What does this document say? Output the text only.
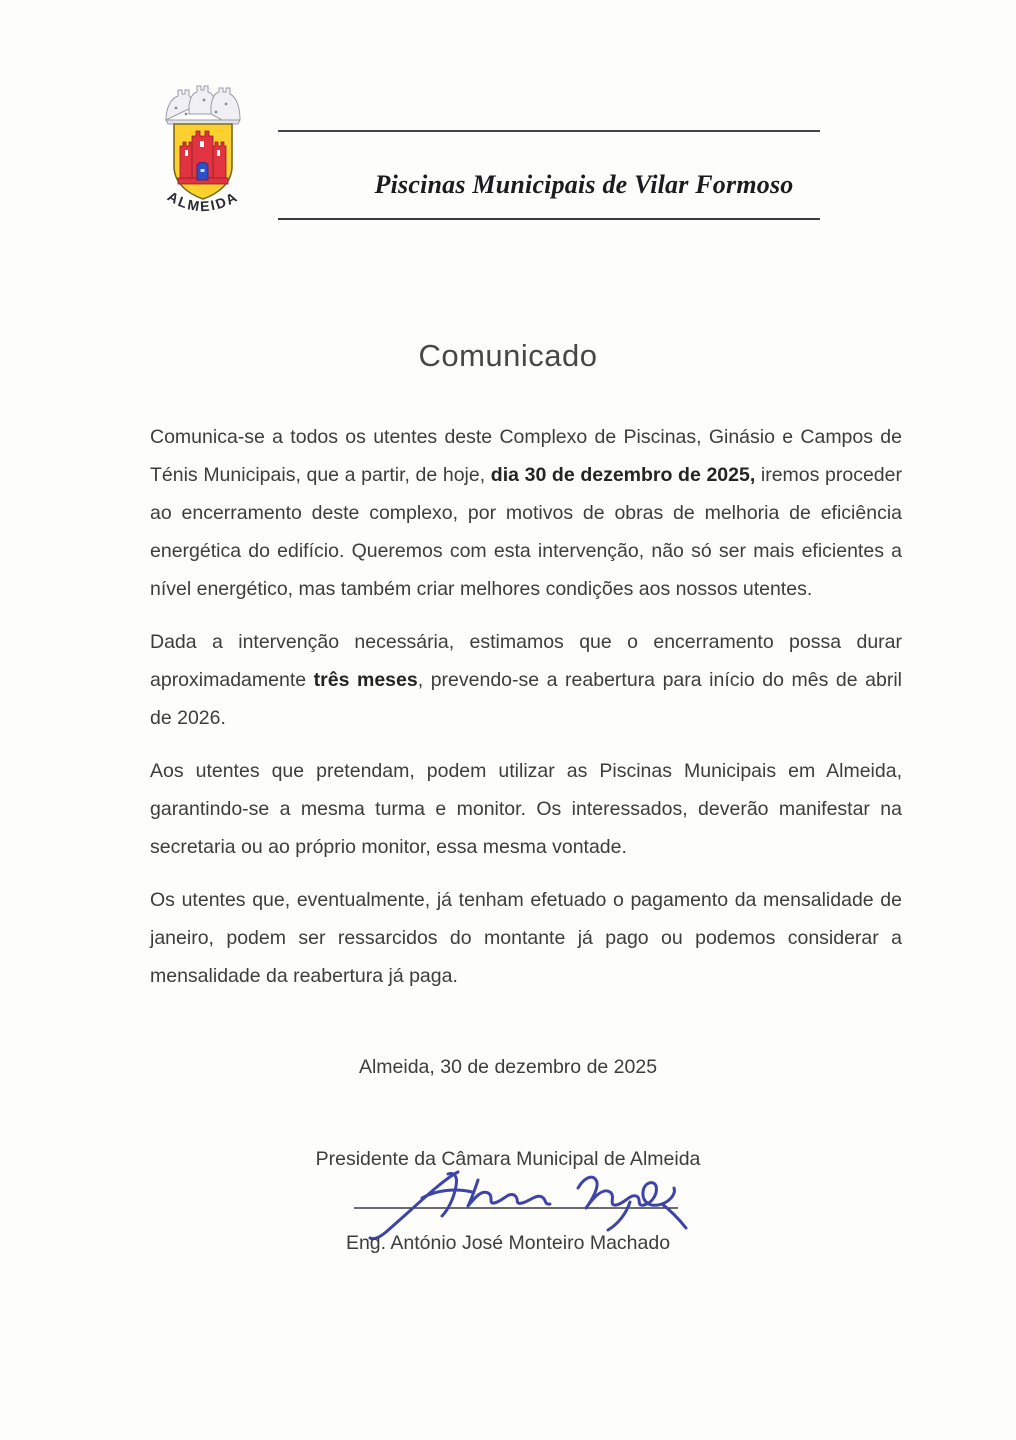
ALMEIDA	Piscinas Municipais de Vilar Formoso
Comunicado

Comunica-se a todos os utentes deste Complexo de Piscinas, Ginásio e Campos de Ténis Municipais, que a partir, de hoje, dia 30 de dezembro de 2025, iremos proceder ao encerramento deste complexo, por motivos de obras de melhoria de eficiência energética do edifício. Queremos com esta intervenção, não só ser mais eficientes a nível energético, mas também criar melhores condições aos nossos utentes.

Dada a intervenção necessária, estimamos que o encerramento possa durar aproximadamente três meses, prevendo-se a reabertura para início do mês de abril de 2026.

Aos utentes que pretendam, podem utilizar as Piscinas Municipais em Almeida, garantindo-se a mesma turma e monitor. Os interessados, deverão manifestar na secretaria ou ao próprio monitor, essa mesma vontade.

Os utentes que, eventualmente, já tenham efetuado o pagamento da mensalidade de janeiro, podem ser ressarcidos do montante já pago ou podemos considerar a mensalidade da reabertura já paga.

Almeida, 30 de dezembro de 2025
Presidente da Câmara Municipal de Almeida
Eng. António José Monteiro Machado
